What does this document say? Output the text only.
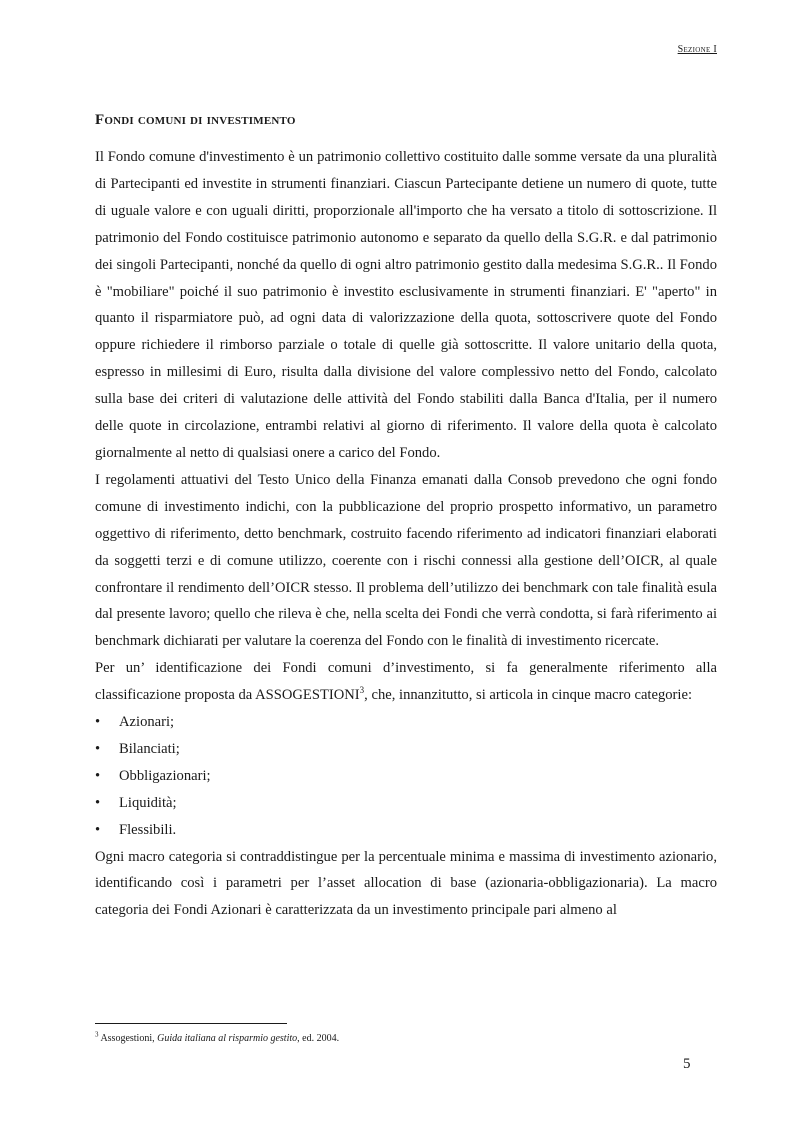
Sezione I
Fondi comuni di investimento

Il Fondo comune d'investimento è un patrimonio collettivo costituito dalle somme versate da una pluralità di Partecipanti ed investite in strumenti finanziari. Ciascun Partecipante detiene un numero di quote, tutte di uguale valore e con uguali diritti, proporzionale all'importo che ha versato a titolo di sottoscrizione. Il patrimonio del Fondo costituisce patrimonio autonomo e separato da quello della S.G.R. e dal patrimonio dei singoli Partecipanti, nonché da quello di ogni altro patrimonio gestito dalla medesima S.G.R.. Il Fondo è "mobiliare" poiché il suo patrimonio è investito esclusivamente in strumenti finanziari. E' "aperto" in quanto il risparmiatore può, ad ogni data di valorizzazione della quota, sottoscrivere quote del Fondo oppure richiedere il rimborso parziale o totale di quelle già sottoscritte. Il valore unitario della quota, espresso in millesimi di Euro, risulta dalla divisione del valore complessivo netto del Fondo, calcolato sulla base dei criteri di valutazione delle attività del Fondo stabiliti dalla Banca d'Italia, per il numero delle quote in circolazione, entrambi relativi al giorno di riferimento. Il valore della quota è calcolato giornalmente al netto di qualsiasi onere a carico del Fondo.

I regolamenti attuativi del Testo Unico della Finanza emanati dalla Consob prevedono che ogni fondo comune di investimento indichi, con la pubblicazione del proprio prospetto informativo, un parametro oggettivo di riferimento, detto benchmark, costruito facendo riferimento ad indicatori finanziari elaborati da soggetti terzi e di comune utilizzo, coerente con i rischi connessi alla gestione dell’OICR, al quale confrontare il rendimento dell’OICR stesso. Il problema dell’utilizzo dei benchmark con tale finalità esula dal presente lavoro; quello che rileva è che, nella scelta dei Fondi che verrà condotta, si farà riferimento ai benchmark dichiarati per valutare la coerenza del Fondo con le finalità di investimento ricercate.

Per un’ identificazione dei Fondi comuni d’investimento, si fa generalmente riferimento alla classificazione proposta da ASSOGESTIONI$^3$, che, innanzitutto, si articola in cinque macro categorie:

• Azionari;
• Bilanciati;
• Obbligazionari;
• Liquidità;
• Flessibili.

Ogni macro categoria si contraddistingue per la percentuale minima e massima di investimento azionario, identificando così i parametri per l’asset allocation di base (azionaria-obbligazionaria). La macro categoria dei Fondi Azionari è caratterizzata da un investimento principale pari almeno al

$^3$ Assogestioni, Guida italiana al risparmio gestito, ed. 2004.
5
